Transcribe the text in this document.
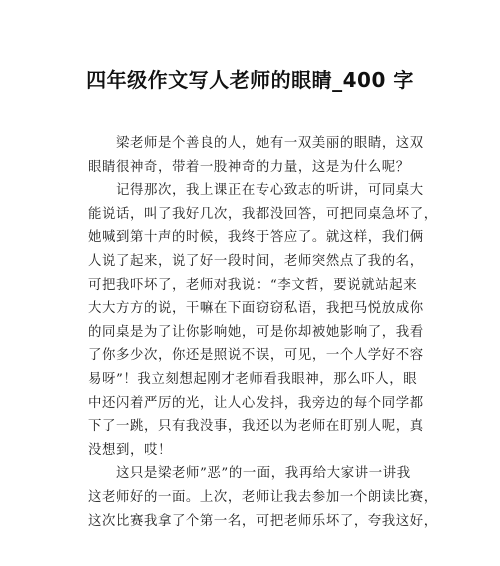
四年级作文写人老师的眼睛_400 字
梁老师是个善良的人，她有一双美丽的眼睛，这双
眼睛很神奇，带着一股神奇的力量，这是为什么呢？
记得那次，我上课正在专心致志的听讲，可同桌大
能说话，叫了我好几次，我都没回答，可把同桌急坏了，
她喊到第十声的时候，我终于答应了。就这样，我们俩
人说了起来，说了好一段时间，老师突然点了我的名，
可把我吓坏了，老师对我说：“李文哲，要说就站起来
大大方方的说，干嘛在下面窃窃私语，我把马悦放成你
的同桌是为了让你影响她，可是你却被她影响了，我看
了你多少次，你还是照说不误，可见，一个人学好不容
易呀”！我立刻想起刚才老师看我眼神，那么吓人，眼
中还闪着严厉的光，让人心发抖，我旁边的每个同学都
下了一跳，只有我没事，我还以为老师在盯别人呢，真
没想到，哎！
这只是梁老师”恶”的一面，我再给大家讲一讲我
这老师好的一面。上次，老师让我去参加一个朗读比赛，
这次比赛我拿了个第一名，可把老师乐坏了，夸我这好，
